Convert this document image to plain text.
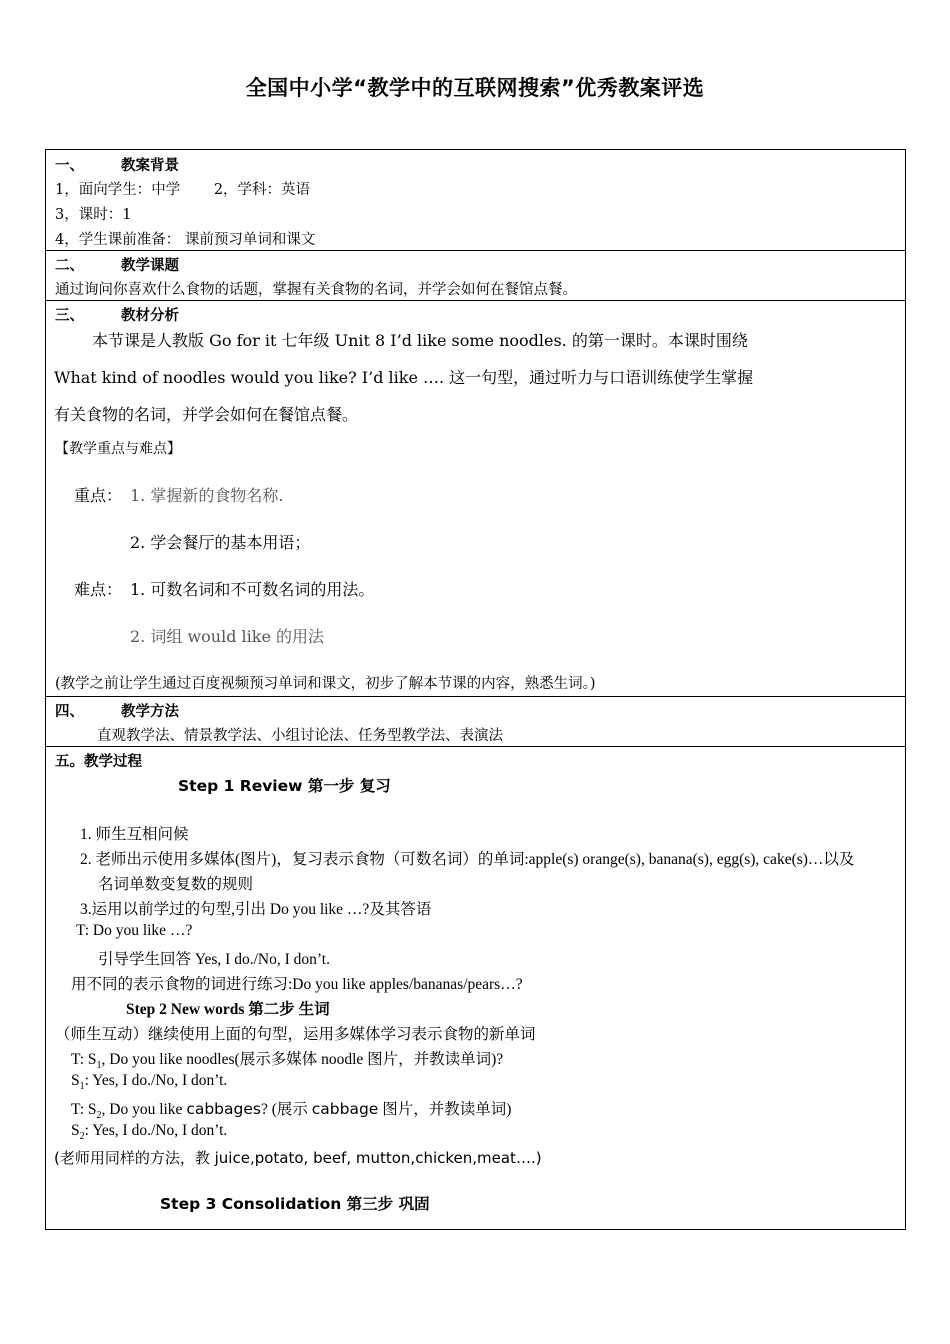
全国中小学“教学中的互联网搜索”优秀教案评选
一、	教案背景
1，面向学生：中学　　 2，学科：英语
3，课时：1
4，学生课前准备： 课前预习单词和课文
二、	教学课题
通过询问你喜欢什么食物的话题，掌握有关食物的名词，并学会如何在餐馆点餐。
三、	教材分析
本节课是人教版 Go for it 七年级 Unit 8 I’d like some noodles. 的第一课时。本课时围绕
What kind of noodles would you like? I’d like …. 这一句型，通过听力与口语训练使学生掌握
有关食物的名词，并学会如何在餐馆点餐。
【教学重点与难点】
重点： 1. 掌握新的食物名称.
2. 学会餐厅的基本用语；
难点： 1. 可数名词和不可数名词的用法。
2. 词组 would like 的用法
(教学之前让学生通过百度视频预习单词和课文，初步了解本节课的内容，熟悉生词。)
四、	教学方法
直观教学法、情景教学法、小组讨论法、任务型教学法、表演法
五。教学过程
Step 1 Review 第一步 复习
1. 师生互相问候
2. 老师出示使用多媒体(图片)，复习表示食物（可数名词）的单词:apple(s) orange(s), banana(s), egg(s), cake(s)…以及
名词单数变复数的规则
3.运用以前学过的句型,引出 Do you like …?及其答语
T: Do you like …?
引导学生回答 Yes, I do./No, I don’t.
用不同的表示食物的词进行练习:Do you like apples/bananas/pears…?
Step 2 New words 第二步 生词
（师生互动）继续使用上面的句型，运用多媒体学习表示食物的新单词
T: $S_1$, Do you like noodles(展示多媒体 noodle 图片，并教读单词)?
$S_1$: Yes, I do./No, I don’t.
T: $S_2$, Do you like cabbages? (展示 cabbage 图片，并教读单词)
$S_2$: Yes, I do./No, I don’t.
(老师用同样的方法，教 juice,potato, beef, mutton,chicken,meat….)
Step 3 Consolidation 第三步 巩固
